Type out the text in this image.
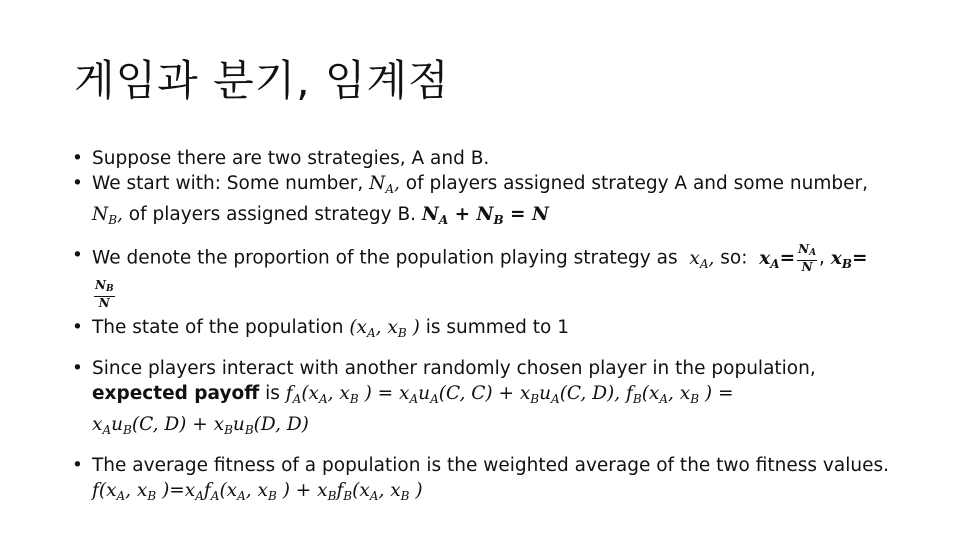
게임과 분기, 임계점
• Suppose there are two strategies, A and B.
• We start with: Some number, $N_A$, of players assigned strategy A and some number, $N_B$, of players assigned strategy B. $N_A + N_B = N$
• We denote the proportion of the population playing strategy as $x_A$, so: $x_A= \frac{N_A}{N}$ , $x_B=$
$\frac{N_B}{N}$
• The state of the population ($x_A$, $x_B$ ) is summed to 1
• Since players interact with another randomly chosen player in the population, expected payoff is $f_A(x_A$, $x_B$ ) = $x_Au_A(C$, $C) + x_Bu_A(C$, D), $f_B(x_A$, $x_B$ ) =
$x_Au_B(C$, $D) + x_Bu_B(D$, D)
• The average fitness of a population is the weighted average of the two fitness values.
$f(x_A$, $x_B$ )$=x_Af_A(x_A$, $x_B$ ) + $x_Bf_B(x_A$, $x_B$ )
